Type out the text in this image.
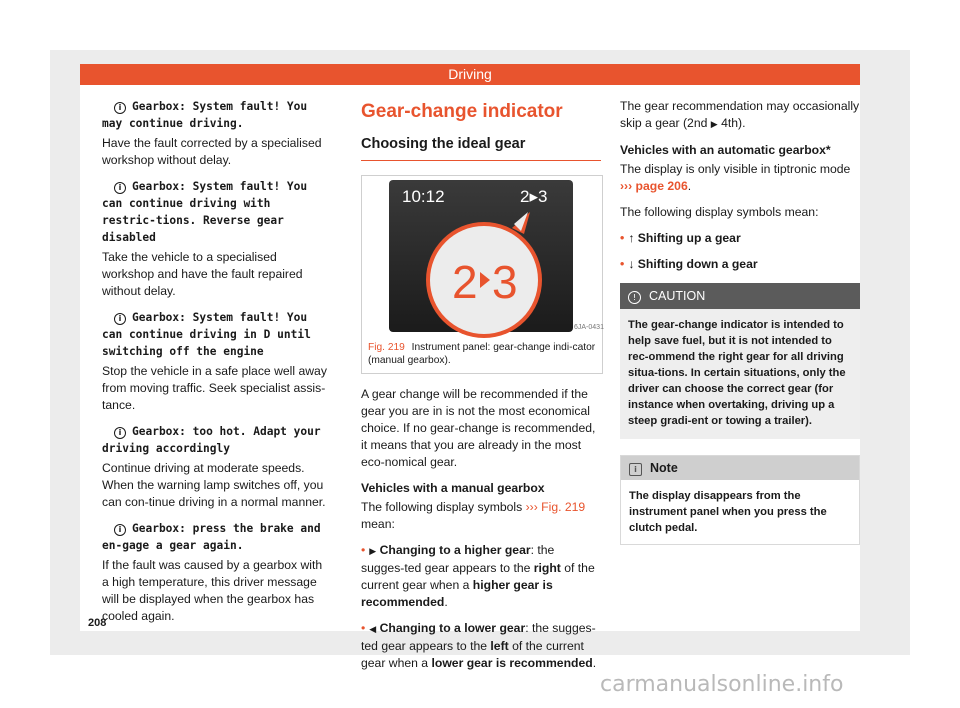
Driving

i Gearbox: System fault! You may continue driving.

Have the fault corrected by a specialised workshop without delay.

i Gearbox: System fault! You can continue driving with restric-tions. Reverse gear disabled

Take the vehicle to a specialised workshop and have the fault repaired without delay.

i Gearbox: System fault! You can continue driving in D until switching off the engine

Stop the vehicle in a safe place well away from moving traffic. Seek specialist assis-tance.

i Gearbox: too hot. Adapt your driving accordingly

Continue driving at moderate speeds. When the warning lamp switches off, you can con-tinue driving in a normal manner.

i Gearbox: press the brake and en-gage a gear again.

If the fault was caused by a gearbox with a high temperature, this driver message will be displayed when the gearbox has cooled again.

Gear-change indicator
Choosing the ideal gear
10:12	2▸3
2 3
6JA-0431
Fig. 219 Instrument panel: gear-change indi-cator (manual gearbox).

A gear change will be recommended if the gear you are in is not the most economical choice. If no gear-change is recommended, it means that you are already in the most eco-nomical gear.

Vehicles with a manual gearbox

The following display symbols ››› Fig. 219 mean:

• ▶ Changing to a higher gear: the sugges-ted gear appears to the right of the current gear when a higher gear is recommended.

• ◀ Changing to a lower gear: the sugges-ted gear appears to the left of the current gear when a lower gear is recommended.

The gear recommendation may occasionally skip a gear (2nd ▶ 4th).

Vehicles with an automatic gearbox*

The display is only visible in tiptronic mode ››› page 206.

The following display symbols mean:

• ↑ Shifting up a gear

• ↓ Shifting down a gear

! CAUTION
The gear-change indicator is intended to help save fuel, but it is not intended to rec-ommend the right gear for all driving situa-tions. In certain situations, only the driver can choose the correct gear (for instance when overtaking, driving up a steep gradi-ent or towing a trailer).
i Note
The display disappears from the instrument panel when you press the clutch pedal.
208
carmanualsonline.info
